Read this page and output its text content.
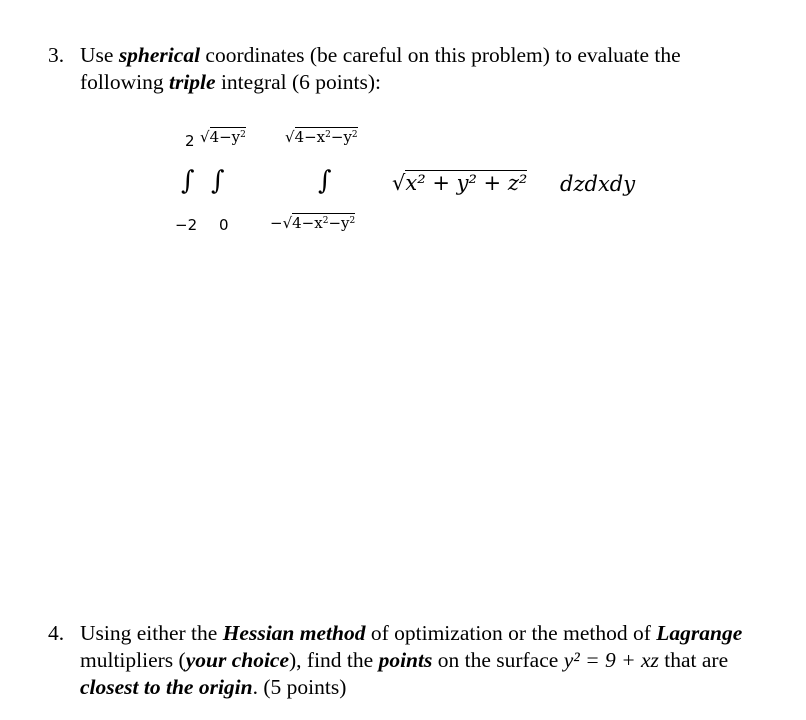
3. Use spherical coordinates (be careful on this problem) to evaluate the following triple integral (6 points):
2 $√4-y^2$	$√4-x^2-y^2$
∫ ∫	∫	√x² + y² + z² dzdxdy
−2 0	$-√4-x^2-y^2$
4. Using either the Hessian method of optimization or the method of Lagrange multipliers (your choice), find the points on the surface y² = 9 + xz that are closest to the origin. (5 points)
